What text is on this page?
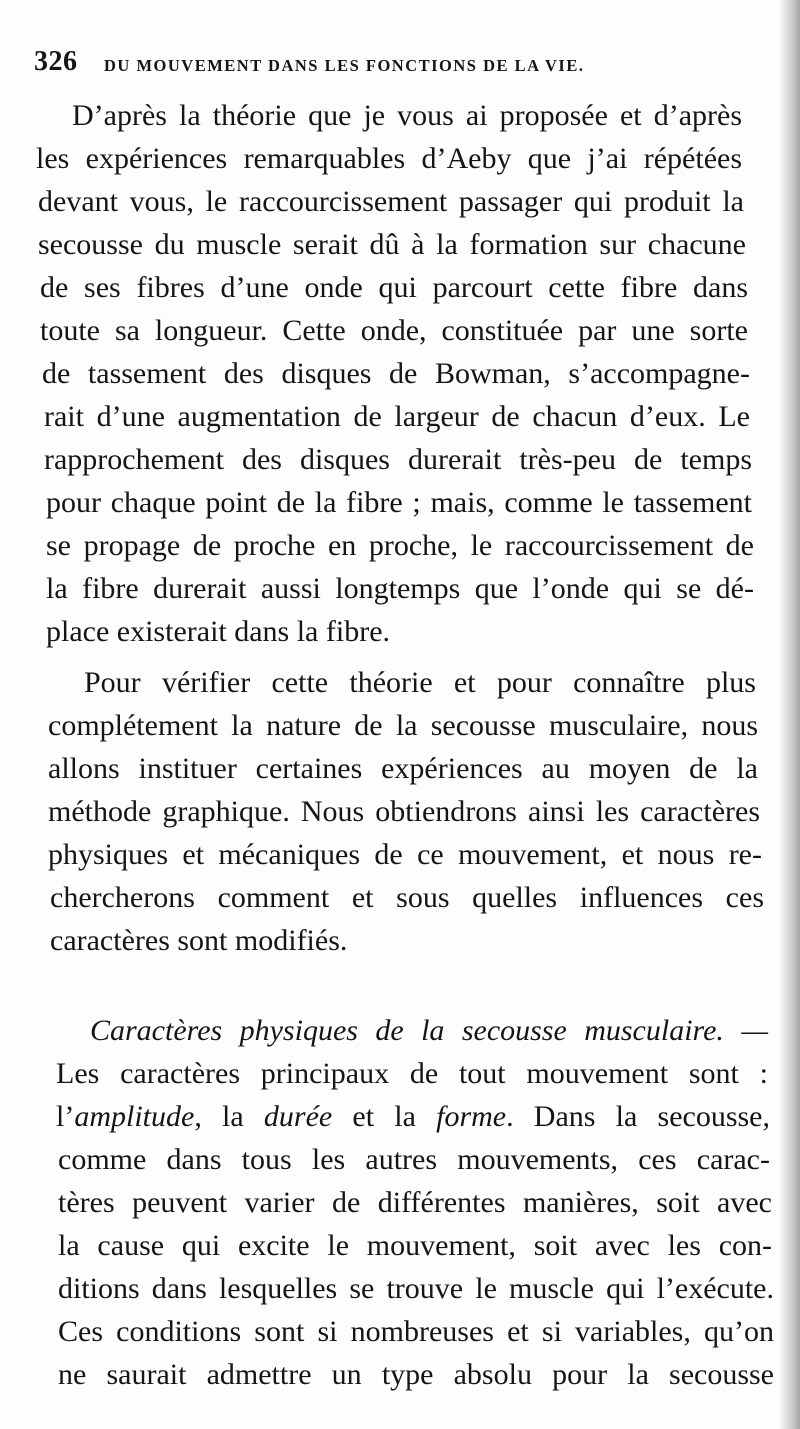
326 DU MOUVEMENT DANS LES FONCTIONS DE LA VIE.
D’après la théorie que je vous ai proposée et d’après
les expériences remarquables d’Aeby que j’ai répétées
devant vous, le raccourcissement passager qui produit la
secousse du muscle serait dû à la formation sur chacune
de ses fibres d’une onde qui parcourt cette fibre dans
toute sa longueur. Cette onde, constituée par une sorte
de tassement des disques de Bowman, s’accompagne-
rait d’une augmentation de largeur de chacun d’eux. Le
rapprochement des disques durerait très-peu de temps
pour chaque point de la fibre ; mais, comme le tassement
se propage de proche en proche, le raccourcissement de
la fibre durerait aussi longtemps que l’onde qui se dé-
place existerait dans la fibre.
Pour vérifier cette théorie et pour connaître plus
complétement la nature de la secousse musculaire, nous
allons instituer certaines expériences au moyen de la
méthode graphique. Nous obtiendrons ainsi les caractères
physiques et mécaniques de ce mouvement, et nous re-
chercherons comment et sous quelles influences ces
caractères sont modifiés.
Caractères physiques de la secousse musculaire. —
Les caractères principaux de tout mouvement sont :
l’amplitude, la durée et la forme. Dans la secousse,
comme dans tous les autres mouvements, ces carac-
tères peuvent varier de différentes manières, soit avec
la cause qui excite le mouvement, soit avec les con-
ditions dans lesquelles se trouve le muscle qui l’exécute.
Ces conditions sont si nombreuses et si variables, qu’on
ne saurait admettre un type absolu pour la secousse
